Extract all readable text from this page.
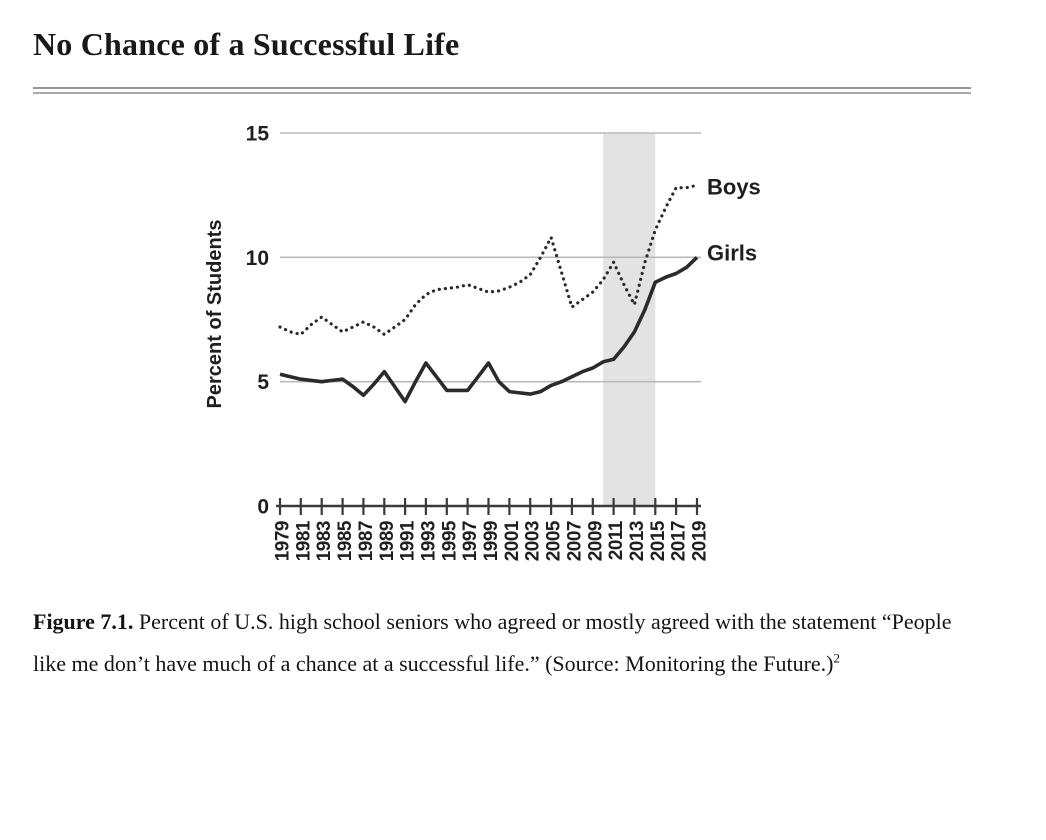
No Chance of a Successful Life
0
5
10
15
1979 1981 1983 1985 1987 1989 1991 1993 1995 1997 1999 2001 2003 2005 2007 2009 2011 2013 2015 2017 2019
Percent of Students
Boys
Girls

Figure 7.1. Percent of U.S. high school seniors who agreed or mostly agreed with the statement “People like me don’t have much of a chance at a successful life.” (Source: Monitoring the Future.)$^2$
